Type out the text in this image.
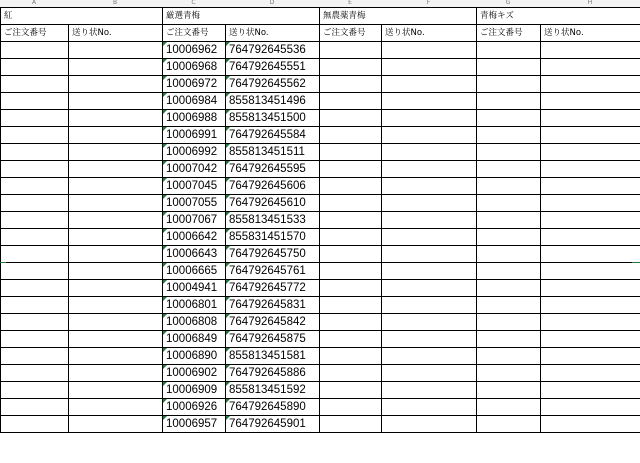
A	B	C	D	E	F	G	H
紅		厳選青梅		無農薬青梅		青梅キズ	
ご注文番号	送り状No.	ご注文番号	送り状No.	ご注文番号	送り状No.	ご注文番号	送り状No.
		10006962	764792645536				
		10006968	764792645551				
		10006972	764792645562				
		10006984	855813451496				
		10006988	855813451500				
		10006991	764792645584				
		10006992	855813451511				
		10007042	764792645595				
		10007045	764792645606				
		10007055	764792645610				
		10007067	855813451533				
		10006642	855831451570				
		10006643	764792645750				
		10006665	764792645761				
		10004941	764792645772				
		10006801	764792645831				
		10006808	764792645842				
		10006849	764792645875				
		10006890	855813451581				
		10006902	764792645886				
		10006909	855813451592				
		10006926	764792645890				
		10006957	764792645901				
